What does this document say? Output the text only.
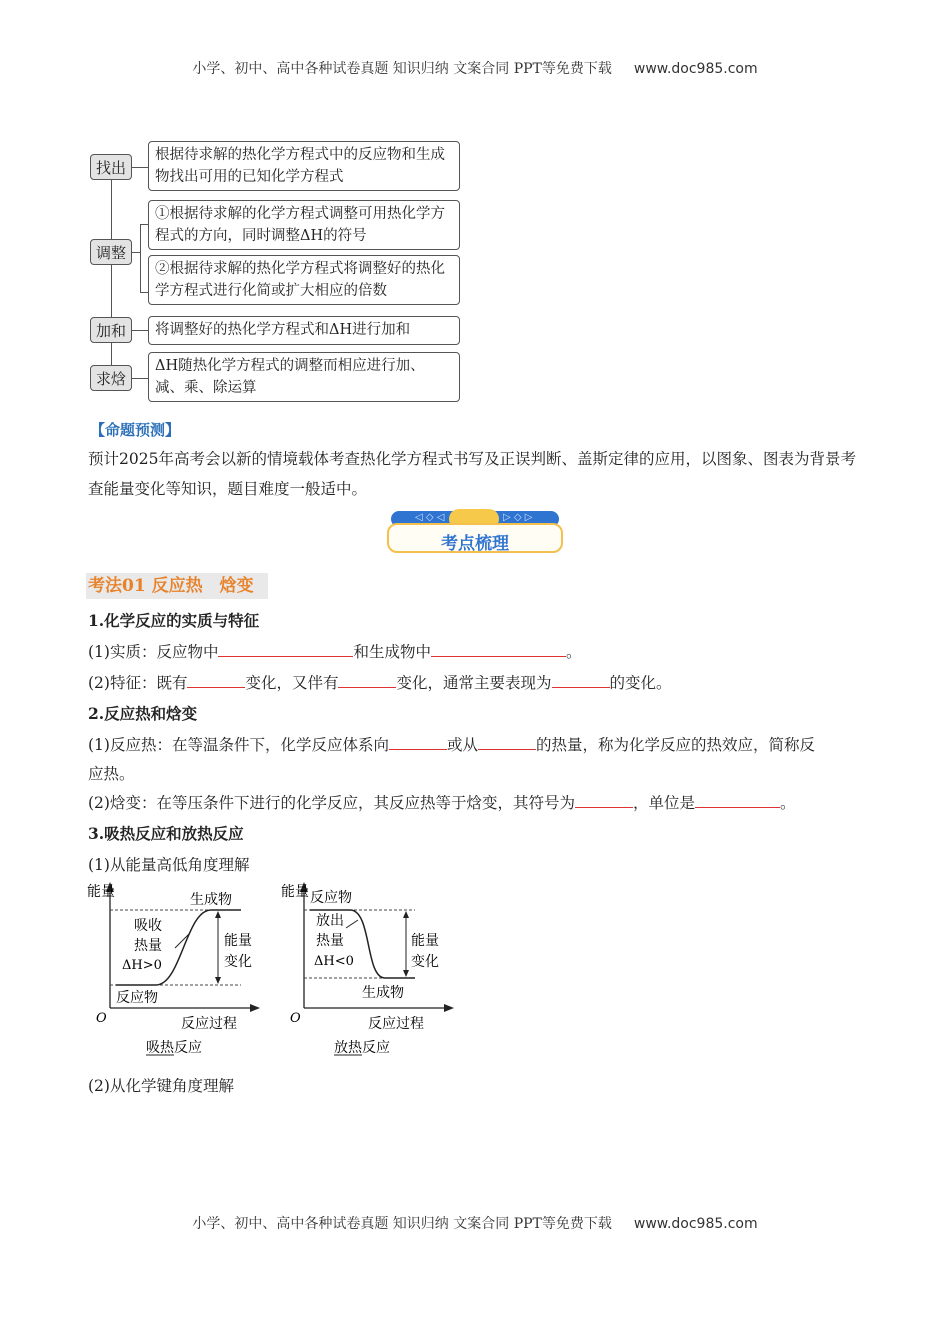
小学、初中、高中各种试卷真题 知识归纳 文案合同 PPT等免费下载 www.doc985.com
找出
根据待求解的热化学方程式中的反应物和生成物找出可用的已知化学方程式
调整
①根据待求解的化学方程式调整可用热化学方程式的方向，同时调整ΔH的符号
②根据待求解的热化学方程式将调整好的热化学方程式进行化简或扩大相应的倍数
加和	将调整好的热化学方程式和ΔH进行加和
求焓
ΔH随热化学方程式的调整而相应进行加、减、乘、除运算
【命题预测】
预计2025年高考会以新的情境载体考查热化学方程式书写及正误判断、盖斯定律的应用，以图象、图表为背景考查能量变化等知识，题目难度一般适中。
◁ ◇ ◁	▷ ◇ ▷
考点梳理
考法01 反应热　焓变
1.化学反应的实质与特征
(1)实质：反应物中	和生成物中	。
(2)特征：既有	变化，又伴有	变化，通常主要表现为	的变化。
2.反应热和焓变
(1)反应热：在等温条件下，化学反应体系向	或从	的热量，称为化学反应的热效应，简称反
应热。
(2)焓变：在等压条件下进行的化学反应，其反应热等于焓变，其符号为	，单位是	。
3.吸热反应和放热反应
(1)从能量高低角度理解
能量
O	反应过程
生成物
反应物
吸收
热量
ΔH>0
能量
变化
吸热反应
能量
O	反应过程
反应物
生成物
放出
热量
ΔH<0
能量
变化
放热反应
(2)从化学键角度理解
小学、初中、高中各种试卷真题 知识归纳 文案合同 PPT等免费下载 www.doc985.com
